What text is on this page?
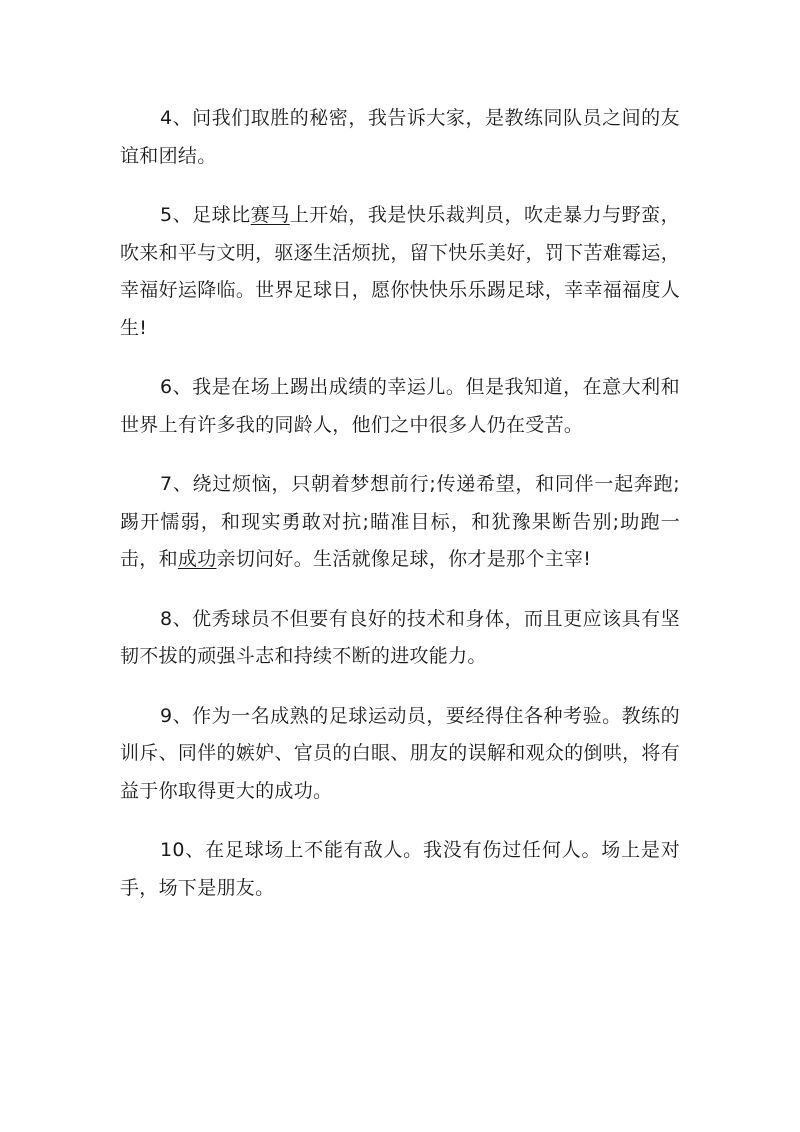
4、问我们取胜的秘密，我告诉大家，是教练同队员之间的友谊和团结。

5、足球比赛马上开始，我是快乐裁判员，吹走暴力与野蛮，吹来和平与文明，驱逐生活烦扰，留下快乐美好，罚下苦难霉运，幸福好运降临。世界足球日，愿你快快乐乐踢足球，幸幸福福度人生!

6、我是在场上踢出成绩的幸运儿。但是我知道，在意大利和世界上有许多我的同龄人，他们之中很多人仍在受苦。

7、绕过烦恼，只朝着梦想前行;传递希望，和同伴一起奔跑;踢开懦弱，和现实勇敢对抗;瞄准目标，和犹豫果断告别;助跑一击，和成功亲切问好。生活就像足球，你才是那个主宰!

8、优秀球员不但要有良好的技术和身体，而且更应该具有坚韧不拔的顽强斗志和持续不断的进攻能力。

9、作为一名成熟的足球运动员，要经得住各种考验。教练的训斥、同伴的嫉妒、官员的白眼、朋友的误解和观众的倒哄，将有益于你取得更大的成功。

10、在足球场上不能有敌人。我没有伤过任何人。场上是对手，场下是朋友。
